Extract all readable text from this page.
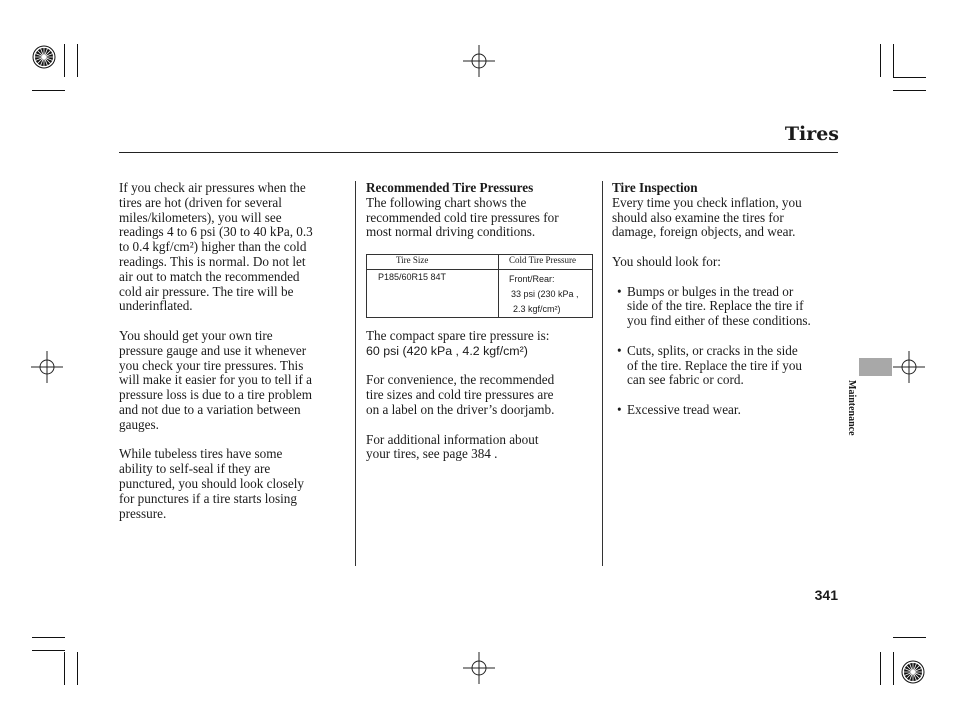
Tires

If you check air pressures when the
tires are hot (driven for several
miles/kilometers), you will see
readings 4 to 6 psi (30 to 40 kPa, 0.3
to 0.4 kgf/cm²) higher than the cold
readings. This is normal. Do not let
air out to match the recommended
cold air pressure. The tire will be
underinflated.

You should get your own tire
pressure gauge and use it whenever
you check your tire pressures. This
will make it easier for you to tell if a
pressure loss is due to a tire problem
and not due to a variation between
gauges.

While tubeless tires have some
ability to self-seal if they are
punctured, you should look closely
for punctures if a tire starts losing
pressure.

Recommended Tire Pressures

The following chart shows the
recommended cold tire pressures for
most normal driving conditions.

Tire Size	Cold Tire Pressure
P185/60R15 84T	Front/Rear:
33 psi (230 kPa ,
2.3 kgf/cm²)

The compact spare tire pressure is:
60 psi (420 kPa , 4.2 kgf/cm²)

For convenience, the recommended
tire sizes and cold tire pressures are
on a label on the driver’s doorjamb.

For additional information about
your tires, see page 384 .

Tire Inspection

Every time you check inflation, you
should also examine the tires for
damage, foreign objects, and wear.

You should look for:

• Bumps or bulges in the tread or
side of the tire. Replace the tire if
you find either of these conditions.
• Cuts, splits, or cracks in the side
of the tire. Replace the tire if you
can see fabric or cord.
• Excessive tread wear.	Maintenance
341
